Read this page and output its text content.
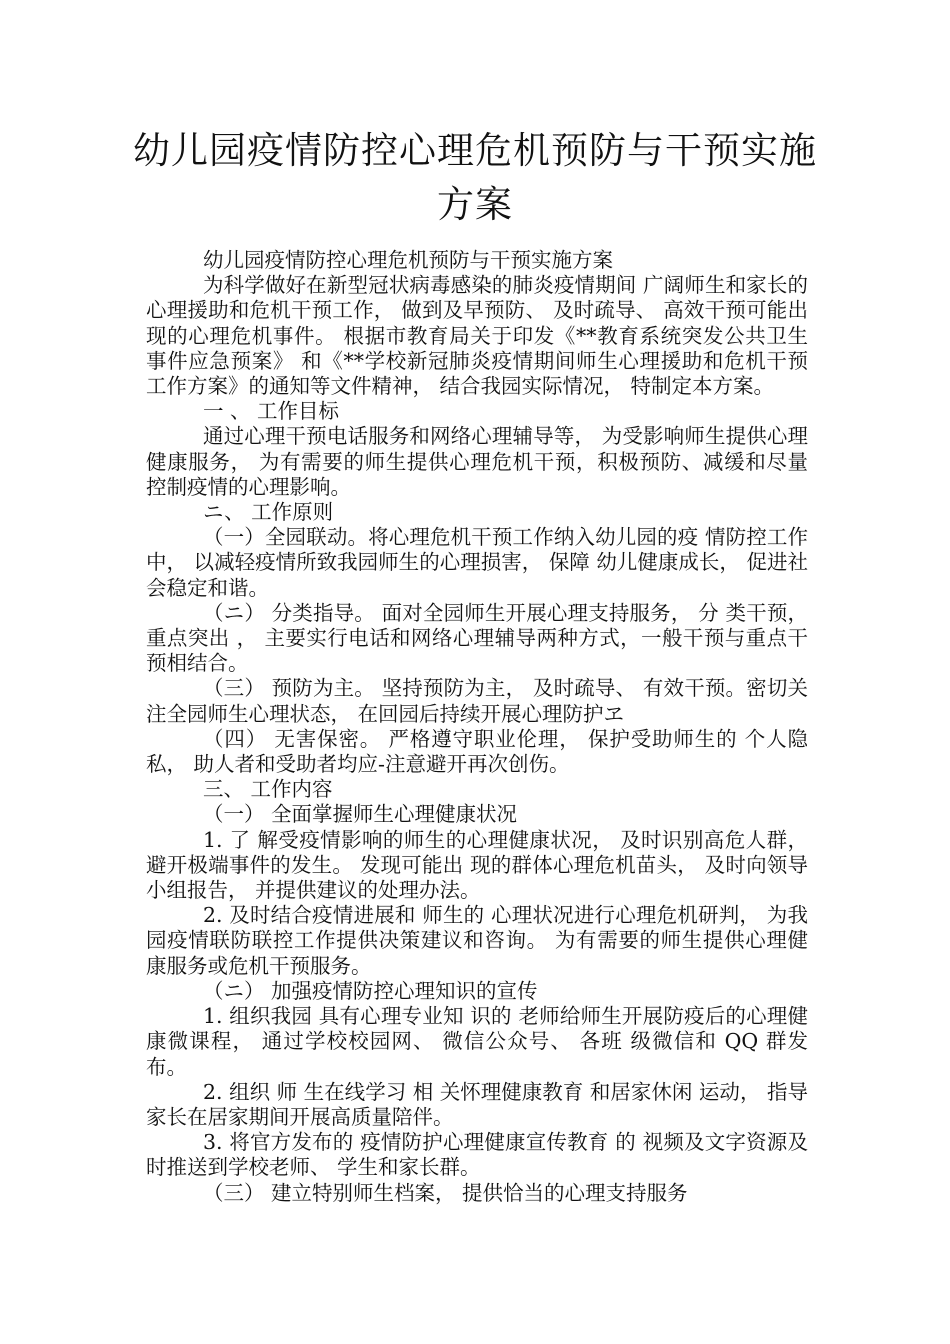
幼儿园疫情防控心理危机预防与干预实施方案

幼儿园疫情防控心理危机预防与干预实施方案

为科学做好在新型冠状病毒感染的肺炎疫情期间 广阔师生和家长的心理援助和危机干预工作， 做到及早预防、 及时疏导、 高效干预可能出现的心理危机事件。 根据市教育局关于印发《**教育系统突发公共卫生事件应急预案》 和《**学校新冠肺炎疫情期间师生心理援助和危机干预工作方案》的通知等文件精神， 结合我园实际情况， 特制定本方案。

一 、 工作目标

通过心理干预电话服务和网络心理辅导等， 为受影响师生提供心理健康服务， 为有需要的师生提供心理危机干预，积极预防、减缓和尽量控制疫情的心理影响。

ニ、 工作原则

（一）全园联动。将心理危机干预工作纳入幼儿园的疫 情防控工作中， 以减轻疫情所致我园师生的心理损害， 保障 幼儿健康成长， 促进社会稳定和谐。

（ニ） 分类指导。 面对全园师生开展心理支持服务， 分 类干预， 重点突出 ， 主要实行电话和网络心理辅导两种方式，一般干预与重点干预相结合。

（三） 预防为主。 坚持预防为主， 及时疏导、 有效干预。密切关注全园师生心理状态， 在回园后持续开展心理防护ヱ

（四） 无害保密。 严格遵守职业伦理， 保护受助师生的 个人隐私， 助人者和受助者均应-注意避开再次创伤。

三、 工作内容

（一） 全面掌握师生心理健康状况

1. 了 解受疫情影响的师生的心理健康状况， 及时识别高危人群， 避开极端事件的发生。 发现可能出 现的群体心理危机苗头， 及时向领导小组报告， 并提供建议的处理办法。

2. 及时结合疫情进展和 师生的 心理状况进行心理危机研判， 为我园疫情联防联控工作提供决策建议和咨询。 为有需要的师生提供心理健康服务或危机干预服务。

（ニ） 加强疫情防控心理知识的宣传

1. 组织我园 具有心理专业知 识的 老师给师生开展防疫后的心理健康微课程， 通过学校校园网、 微信公众号、 各班 级微信和 QQ 群发布。

2. 组织 师 生在线学习 相 关怀理健康教育 和居家休闲 运动， 指导家长在居家期间开展高质量陪伴。

3. 将官方发布的 疫情防护心理健康宣传教育 的 视频及文字资源及时推送到学校老师、 学生和家长群。

（三） 建立特别师生档案， 提供恰当的心理支持服务
